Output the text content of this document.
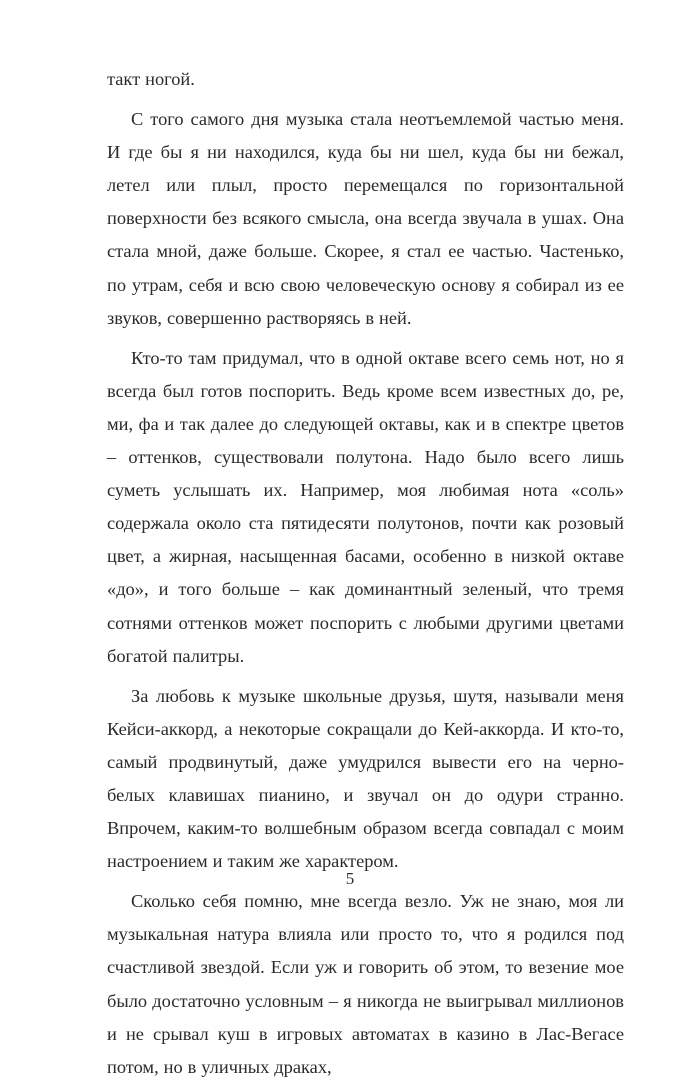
такт ногой.

С того самого дня музыка стала неотъемлемой частью меня. И где бы я ни находился, куда бы ни шел, куда бы ни бежал, летел или плыл, просто перемещался по горизонтальной поверхности без всякого смысла, она всегда звучала в ушах. Она стала мной, даже больше. Скорее, я стал ее частью. Частенько, по утрам, себя и всю свою человеческую основу я собирал из ее звуков, совершенно растворяясь в ней.

Кто-то там придумал, что в одной октаве всего семь нот, но я всегда был готов поспорить. Ведь кроме всем известных до, ре, ми, фа и так далее до следующей октавы, как и в спектре цветов – оттенков, существовали полутона. Надо было всего лишь суметь услышать их. Например, моя любимая нота «соль» содержала около ста пятидесяти полутонов, почти как розовый цвет, а жирная, насыщенная басами, особенно в низкой октаве «до», и того больше – как доминантный зеленый, что тремя сотнями оттенков может поспорить с любыми другими цветами богатой палитры.

За любовь к музыке школьные друзья, шутя, называли меня Кейси-аккорд, а некоторые сокращали до Кей-аккорда. И кто-то, самый продвинутый, даже умудрился вывести его на черно-белых клавишах пианино, и звучал он до одури странно. Впрочем, каким-то волшебным образом всегда совпадал с моим настроением и таким же характером.

Сколько себя помню, мне всегда везло. Уж не знаю, моя ли музыкальная натура влияла или просто то, что я родился под счастливой звездой. Если уж и говорить об этом, то везение мое было достаточно условным – я никогда не выигрывал миллионов и не срывал куш в игровых автоматах в казино в Лас-Вегасе потом, но в уличных драках,

5
